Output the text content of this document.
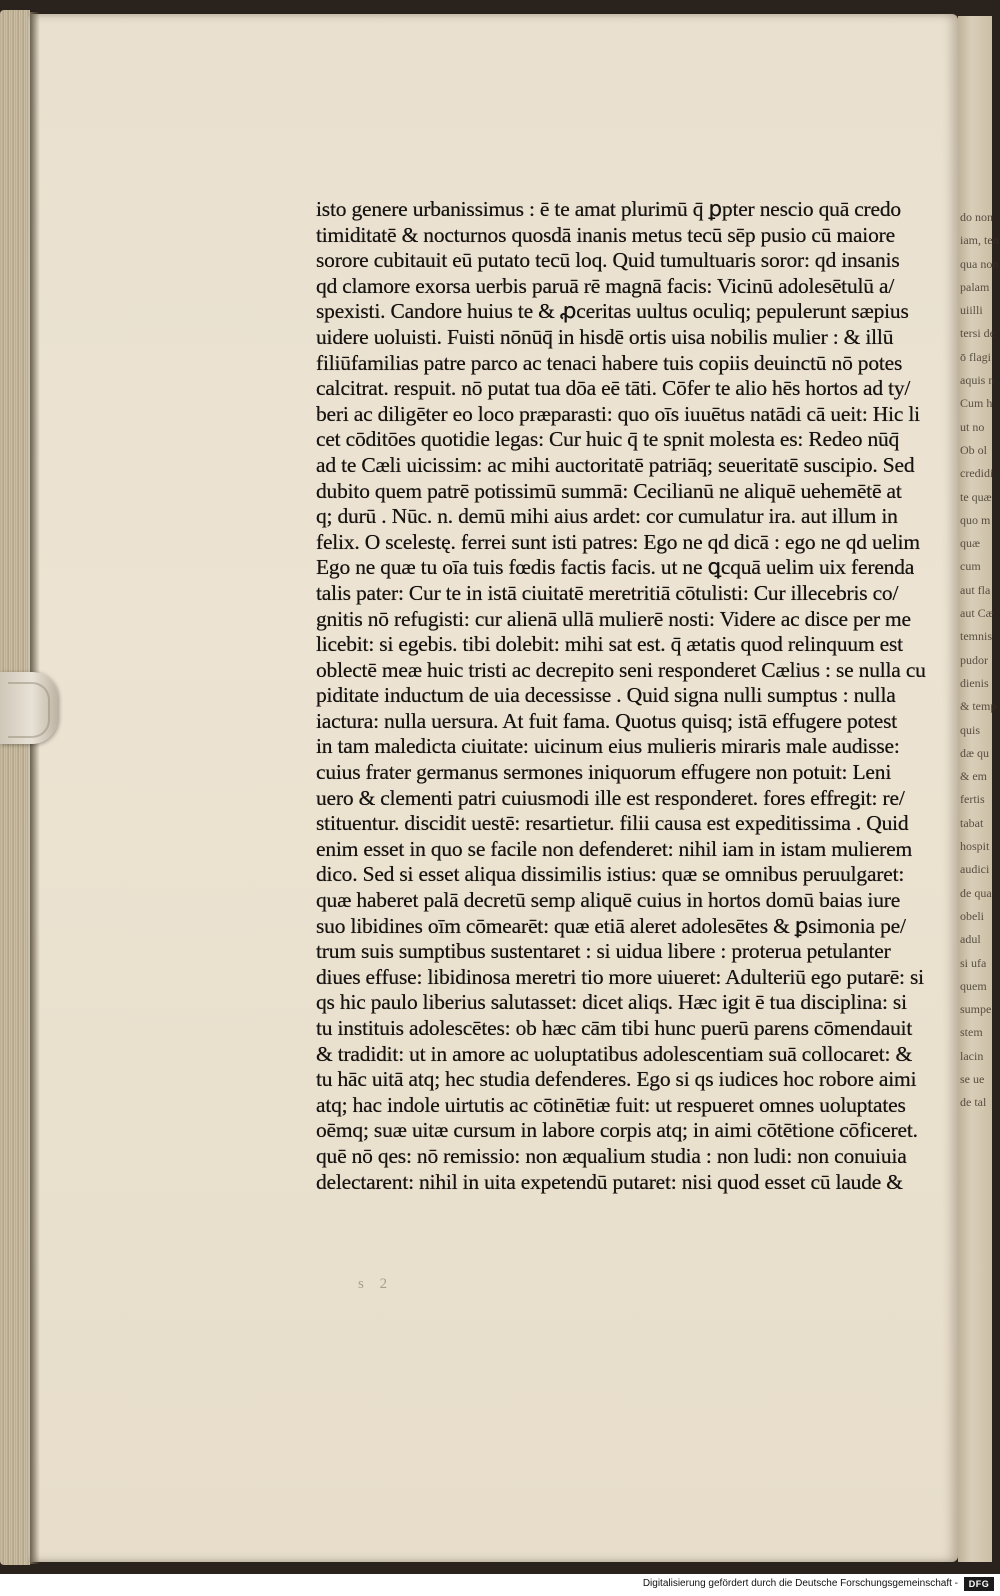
isto genere urbanissimus : ē te amat plurimū q̄ ꝑpter nescio quā credo
timiditatē & nocturnos quosdā inanis metus tecū sēp pusio cū maiore
sorore cubitauit eū putato tecū loq. Quid tumultuaris soror: qd insanis
qd clamore exorsa uerbis paruā rē magnā facis: Vicinū adolesētulū a/
spexisti. Candore huius te & ꝓceritas uultus oculiq; pepulerunt sæpius
uidere uoluisti. Fuisti nōnūq̄ in hisdē ortis uisa nobilis mulier : & illū
filiūfamilias patre parco ac tenaci habere tuis copiis deuinctū nō potes
calcitrat. respuit. nō putat tua dōa eē tāti. Cōfer te alio hēs hortos ad ty/
beri ac diligēter eo loco præparasti: quo oīs iuuētus natādi cā ueit: Hic li
cet cōditōes quotidie legas: Cur huic q̄ te spnit molesta es: Redeo nūq̄
ad te Cæli uicissim: ac mihi auctoritatē patriāq; seueritatē suscipio. Sed
dubito quem patrē potissimū summā: Cecilianū ne aliquē uehemētē at
q; durū . Nūc. n. demū mihi aius ardet: cor cumulatur ira. aut illum in
felix. O scelestę. ferrei sunt isti patres: Ego ne qd dicā : ego ne qd uelim
Ego ne quæ tu oīa tuis fœdis factis facis. ut ne ꝗcquā uelim uix ferenda
talis pater: Cur te in istā ciuitatē meretritiā cōtulisti: Cur illecebris co/
gnitis nō refugisti: cur alienā ullā mulierē nosti: Videre ac disce per me
licebit: si egebis. tibi dolebit: mihi sat est. q̄ ætatis quod relinquum est
oblectē meæ huic tristi ac decrepito seni responderet Cælius : se nulla cu
piditate inductum de uia decessisse . Quid signa nulli sumptus : nulla
iactura: nulla uersura. At fuit fama. Quotus quisq; istā effugere potest
in tam maledicta ciuitate: uicinum eius mulieris miraris male audisse:
cuius frater germanus sermones iniquorum effugere non potuit: Leni
uero & clementi patri cuiusmodi ille est responderet. fores effregit: re/
stituentur. discidit uestē: resartietur. filii causa est expeditissima . Quid
enim esset in quo se facile non defenderet: nihil iam in istam mulierem
dico. Sed si esset aliqua dissimilis istius: quæ se omnibus peruulgaret:
quæ haberet palā decretū semp aliquē cuius in hortos domū baias iure
suo libidines oīm cōmearēt: quæ etiā aleret adolesētes & ꝑsimonia pe/
trum suis sumptibus sustentaret : si uidua libere : proterua petulanter
diues effuse: libidinosa meretri tio more uiueret: Adulteriū ego putarē: si
qs hic paulo liberius salutasset: dicet aliqs. Hæc igit ē tua disciplina: si
tu instituis adolescētes: ob hæc cām tibi hunc puerū parens cōmendauit
& tradidit: ut in amore ac uoluptatibus adolescentiam suā collocaret: &
tu hāc uitā atq; hec studia defenderes. Ego si qs iudices hoc robore aimi
atq; hac indole uirtutis ac cōtinētiæ fuit: ut respueret omnes uoluptates
oēmq; suæ uitæ cursum in labore corpis atq; in aimi cōtētione cōficeret.
quē nō qes: nō remissio: non æqualium studia : non ludi: non conuiuia
delectarent: nihil in uita expetendū putaret: nisi quod esset cū laude &
s 2
do non
iam, ten
qua non
palam
uiilli
tersi de
ō flagi
aquis n
Cum h
ut no
Ob ol
credidi
te quæ
quo m
quæ
cum
aut fla
aut Cæ
temnis
pudor
dienis
& temp
quis
dæ qu
& em
fertis
tabat
hospit
audici
de qua
obeli
adul
si ufa
quem
sumpe
stem
lacin
se ue
de tal
Digitalisierung gefördert durch die Deutsche Forschungsgemeinschaft -	DFG
